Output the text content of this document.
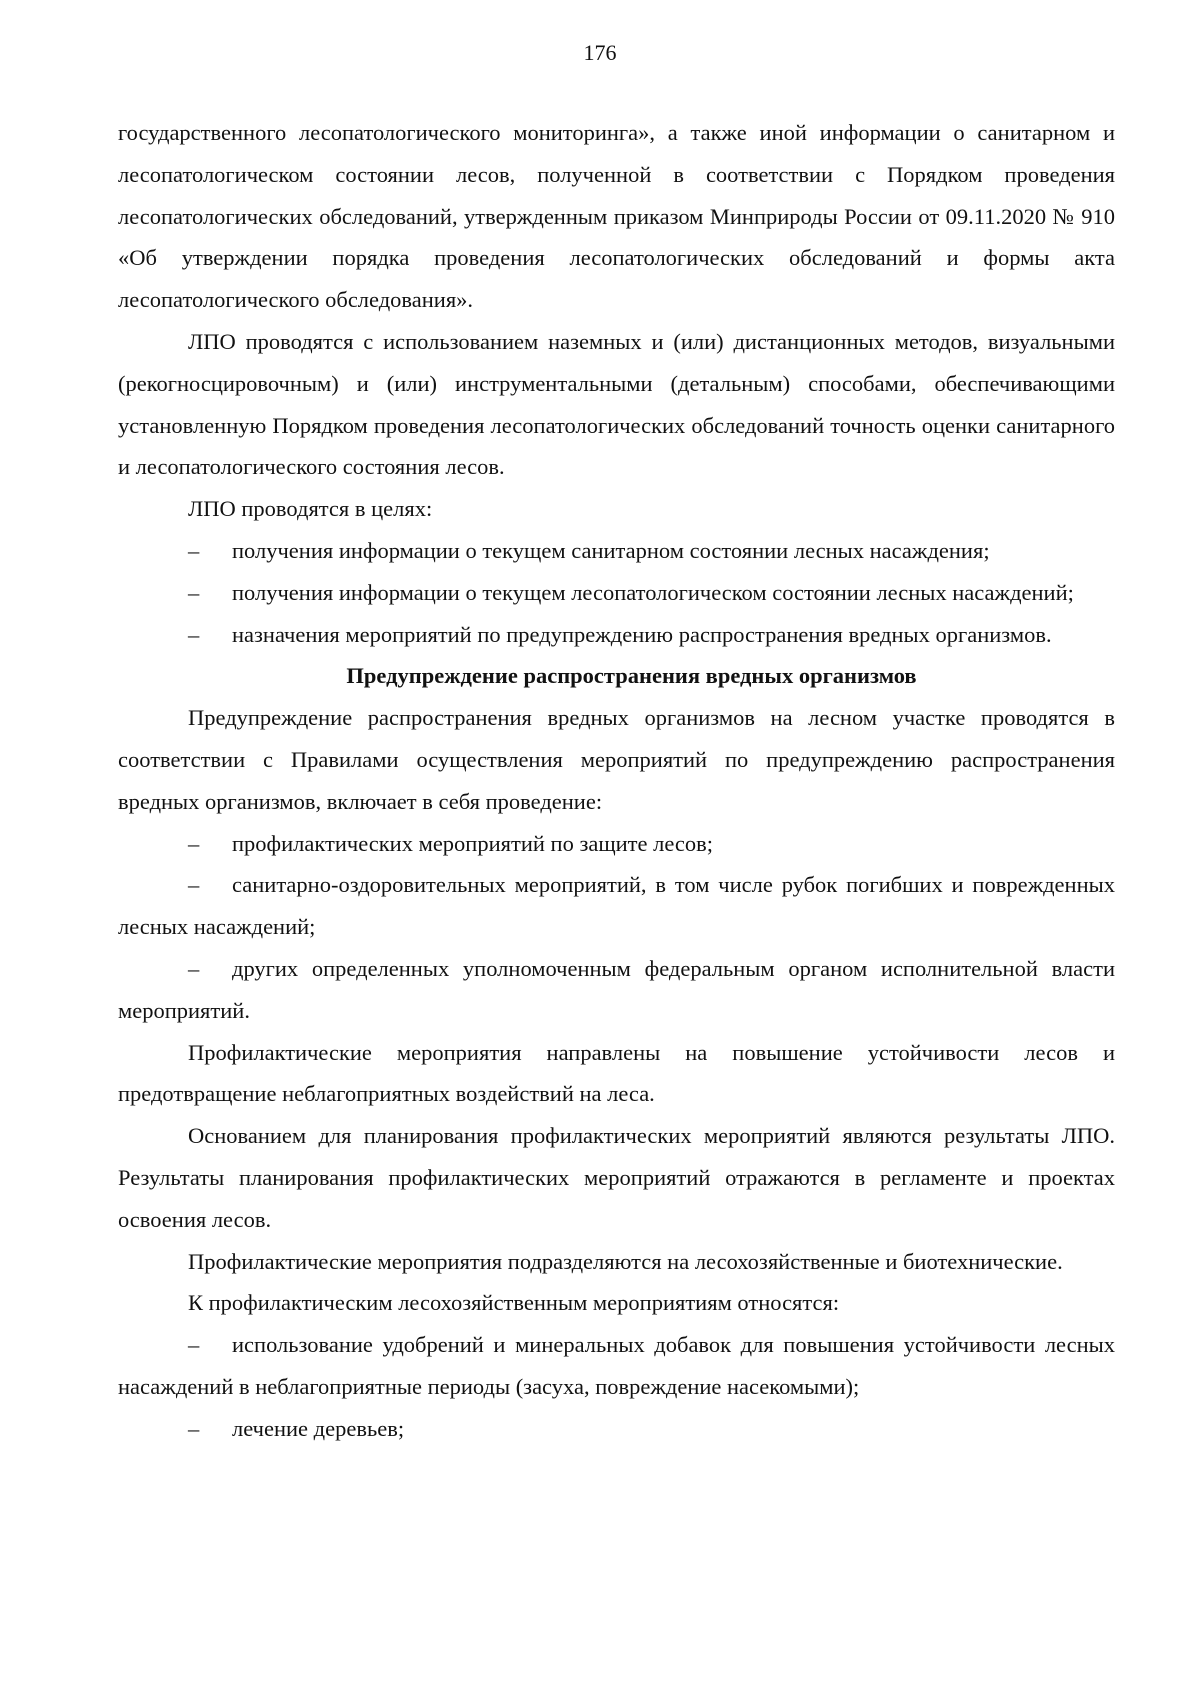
176

государственного лесопатологического мониторинга», а также иной информации о санитарном и лесопатологическом состоянии лесов, полученной в соответствии с Порядком проведения лесопатологических обследований, утвержденным приказом Минприроды России от 09.11.2020 № 910 «Об утверждении порядка проведения лесопатологических обследований и формы акта лесопатологического обследования».

ЛПО проводятся с использованием наземных и (или) дистанционных методов, визуальными (рекогносцировочным) и (или) инструментальными (детальным) способами, обеспечивающими установленную Порядком проведения лесопатологических обследований точность оценки санитарного и лесопатологического состояния лесов.

ЛПО проводятся в целях:

– получения информации о текущем санитарном состоянии лесных насаждения;

– получения информации о текущем лесопатологическом состоянии лесных насаждений;

– назначения мероприятий по предупреждению распространения вредных организмов.

Предупреждение распространения вредных организмов

Предупреждение распространения вредных организмов на лесном участке проводятся в соответствии с Правилами осуществления мероприятий по предупреждению распространения вредных организмов, включает в себя проведение:

– профилактических мероприятий по защите лесов;

– санитарно-оздоровительных мероприятий, в том числе рубок погибших и поврежденных лесных насаждений;

– других определенных уполномоченным федеральным органом исполнительной власти мероприятий.

Профилактические мероприятия направлены на повышение устойчивости лесов и предотвращение неблагоприятных воздействий на леса.

Основанием для планирования профилактических мероприятий являются результаты ЛПО. Результаты планирования профилактических мероприятий отражаются в регламенте и проектах освоения лесов.

Профилактические мероприятия подразделяются на лесохозяйственные и биотехнические.

К профилактическим лесохозяйственным мероприятиям относятся:

– использование удобрений и минеральных добавок для повышения устойчивости лесных насаждений в неблагоприятные периоды (засуха, повреждение насекомыми);

– лечение деревьев;
